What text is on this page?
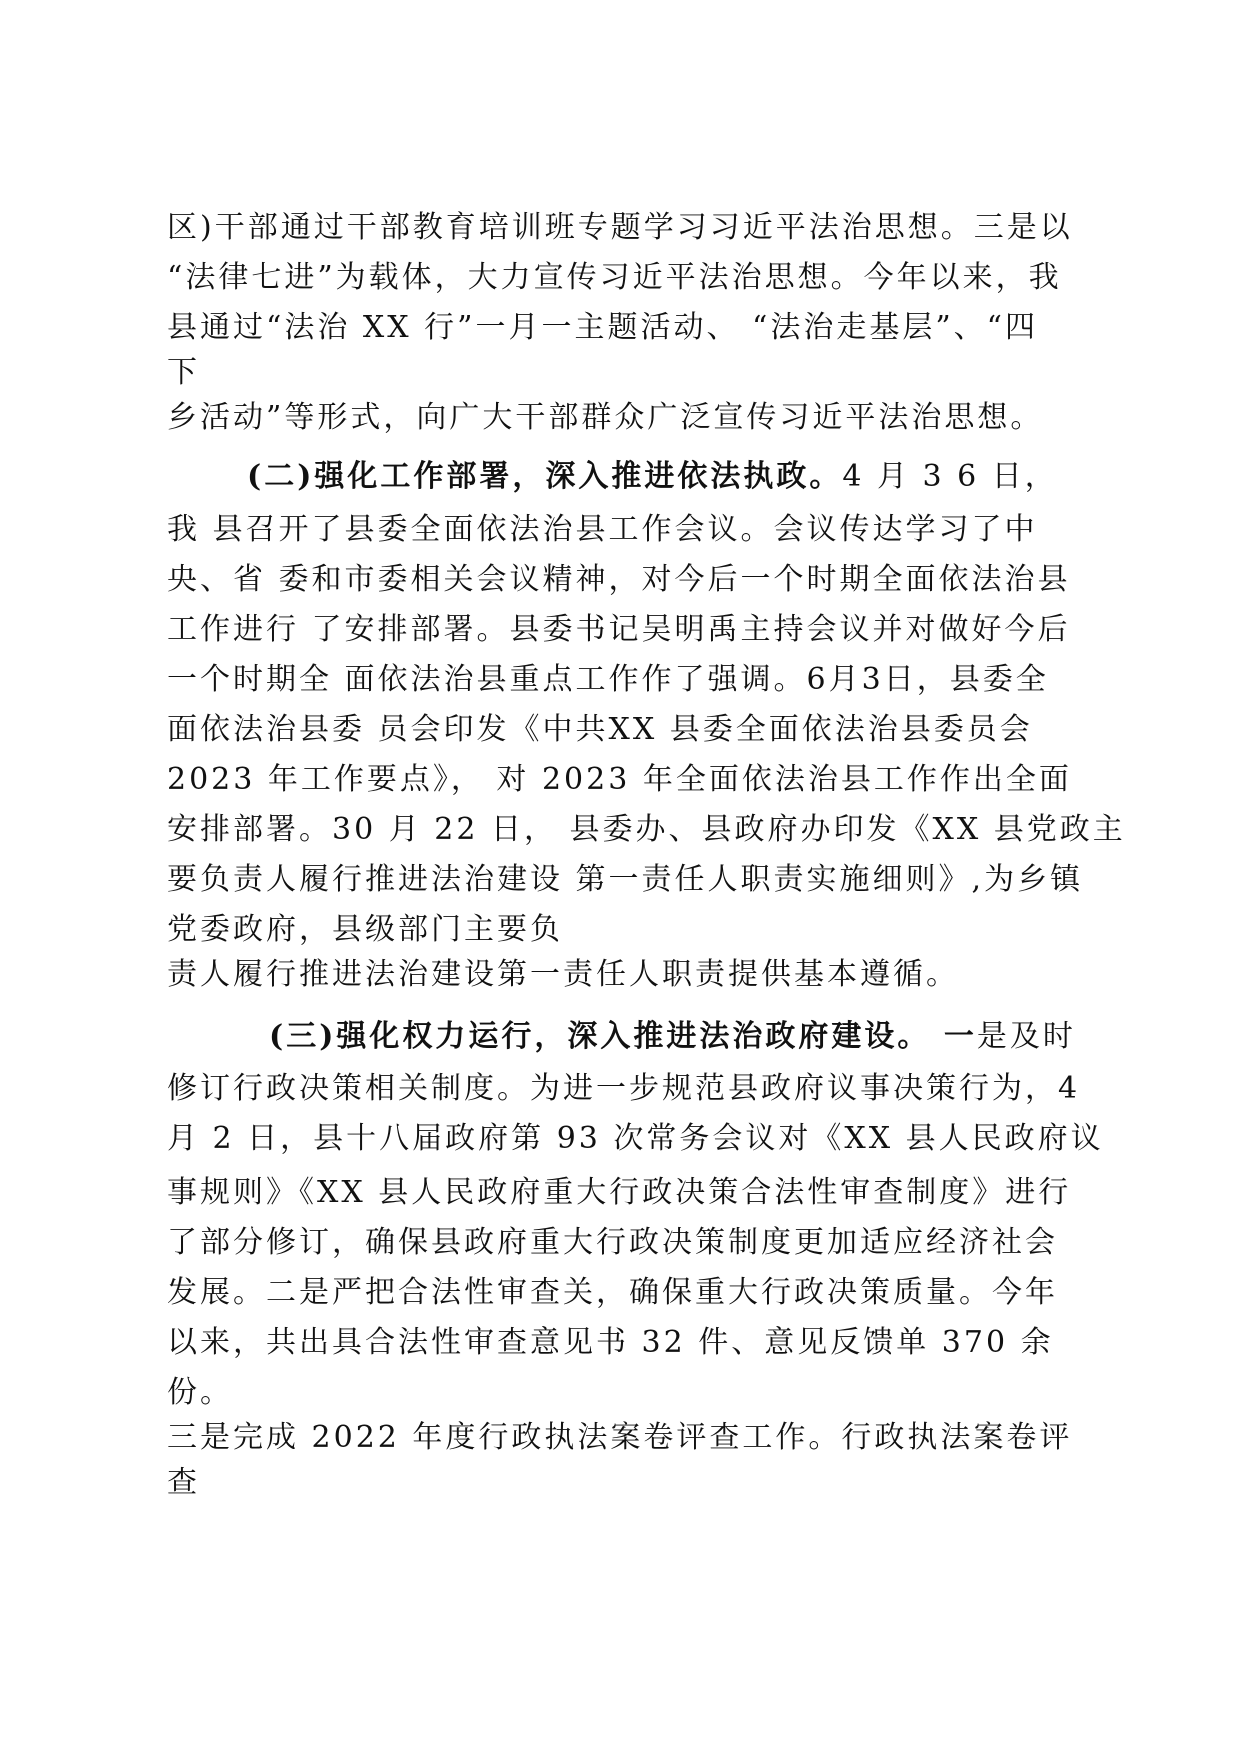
区)干部通过干部教育培训班专题学习习近平法治思想。三是以
“法律七进”为载体，大力宣传习近平法治思想。今年以来，我
县通过“法治 XX 行”一月一主题活动、 “法治走基层”、“四
下
乡活动”等形式，向广大干部群众广泛宣传习近平法治思想。
(二)强化工作部署，深入推进依法执政。4 月 3 6 日，
我 县召开了县委全面依法治县工作会议。会议传达学习了中
央、省 委和市委相关会议精神，对今后一个时期全面依法治县
工作进行 了安排部署。县委书记吴明禹主持会议并对做好今后
一个时期全 面依法治县重点工作作了强调。6月3日，县委全
面依法治县委 员会印发《中共XX 县委全面依法治县委员会
2023 年工作要点》， 对 2023 年全面依法治县工作作出全面
安排部署。30 月 22 日， 县委办、县政府办印发《XX 县党政主
要负责人履行推进法治建设 第一责任人职责实施细则》,为乡镇
党委政府，县级部门主要负
责人履行推进法治建设第一责任人职责提供基本遵循。
(三)强化权力运行，深入推进法治政府建设。 一是及时
修订行政决策相关制度。为进一步规范县政府议事决策行为，4
月 2 日，县十八届政府第 93 次常务会议对《XX 县人民政府议
事规则》《XX 县人民政府重大行政决策合法性审查制度》进行
了部分修订，确保县政府重大行政决策制度更加适应经济社会
发展。二是严把合法性审查关，确保重大行政决策质量。今年
以来，共出具合法性审查意见书 32 件、意见反馈单 370 余
份。
三是完成 2022 年度行政执法案卷评查工作。行政执法案卷评
查
